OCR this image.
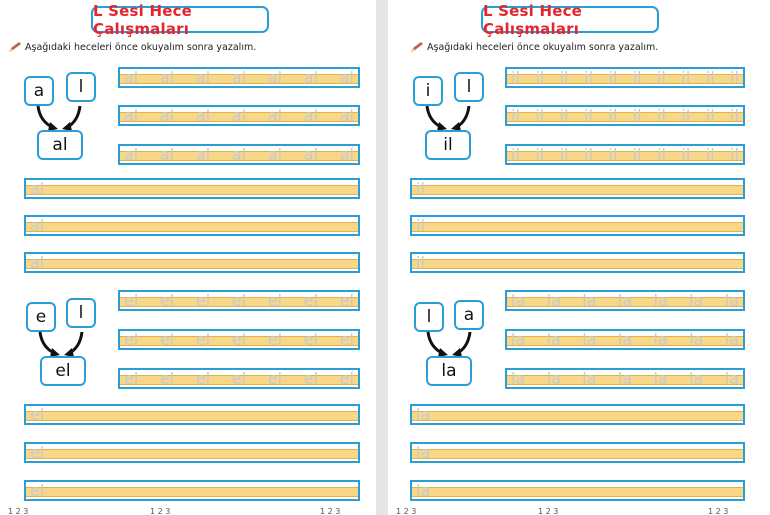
L Sesi Hece Çalışmaları
Aşağıdaki heceleri önce okuyalım sonra yazalım.
a	l
al
al al al al al al al
al al al al al al al
al al al al al al al
al
al
al
e	l
el
el el el el el el el
el el el el el el el
el el el el el el el
el
el
el
1 2 3	1 2 3	1 2 3
L Sesi Hece Çalışmaları
Aşağıdaki heceleri önce okuyalım sonra yazalım.
i	l
il
il il il il il il il il il il
il il il il il il il il il il
il il il il il il il il il il
il
il
il
l	a
la
la la la la la la la
la la la la la la la
la la la la la la la
la
la
la
1 2 3	1 2 3	1 2 3
